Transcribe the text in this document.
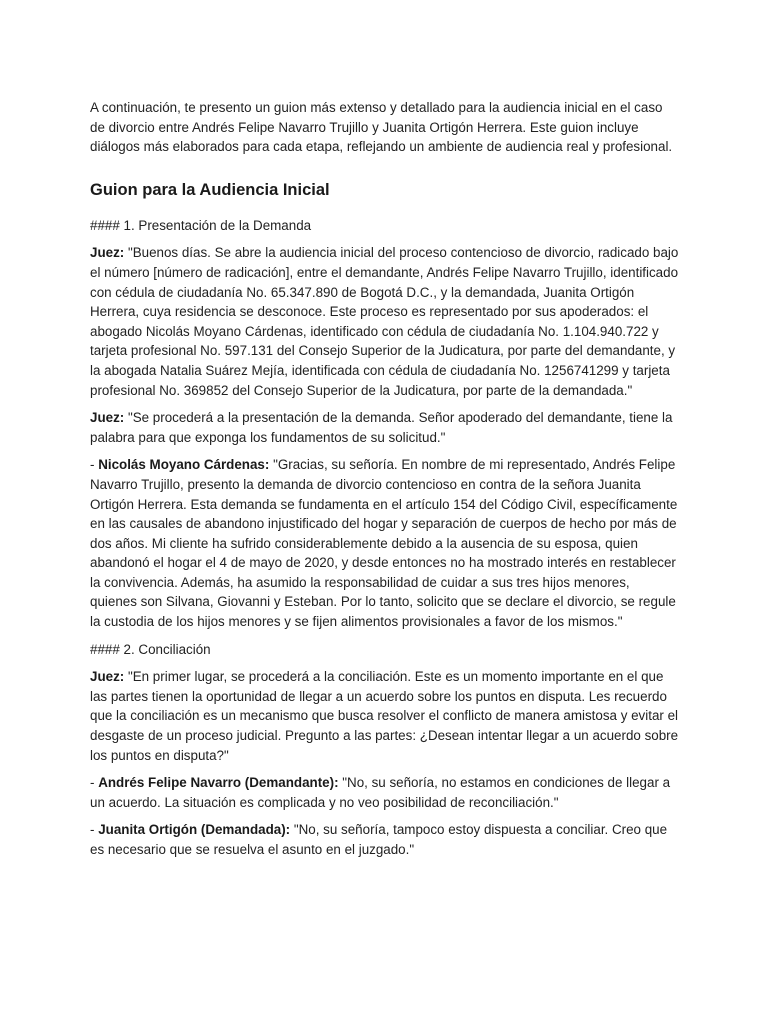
A continuación, te presento un guion más extenso y detallado para la audiencia inicial en el caso de divorcio entre Andrés Felipe Navarro Trujillo y Juanita Ortigón Herrera. Este guion incluye diálogos más elaborados para cada etapa, reflejando un ambiente de audiencia real y profesional.

Guion para la Audiencia Inicial

#### 1. Presentación de la Demanda

Juez: "Buenos días. Se abre la audiencia inicial del proceso contencioso de divorcio, radicado bajo el número [número de radicación], entre el demandante, Andrés Felipe Navarro Trujillo, identificado con cédula de ciudadanía No. 65.347.890 de Bogotá D.C., y la demandada, Juanita Ortigón Herrera, cuya residencia se desconoce. Este proceso es representado por sus apoderados: el abogado Nicolás Moyano Cárdenas, identificado con cédula de ciudadanía No. 1.104.940.722 y tarjeta profesional No. 597.131 del Consejo Superior de la Judicatura, por parte del demandante, y la abogada Natalia Suárez Mejía, identificada con cédula de ciudadanía No. 1256741299 y tarjeta profesional No. 369852 del Consejo Superior de la Judicatura, por parte de la demandada."

Juez: "Se procederá a la presentación de la demanda. Señor apoderado del demandante, tiene la palabra para que exponga los fundamentos de su solicitud."

- Nicolás Moyano Cárdenas: "Gracias, su señoría. En nombre de mi representado, Andrés Felipe Navarro Trujillo, presento la demanda de divorcio contencioso en contra de la señora Juanita Ortigón Herrera. Esta demanda se fundamenta en el artículo 154 del Código Civil, específicamente en las causales de abandono injustificado del hogar y separación de cuerpos de hecho por más de dos años. Mi cliente ha sufrido considerablemente debido a la ausencia de su esposa, quien abandonó el hogar el 4 de mayo de 2020, y desde entonces no ha mostrado interés en restablecer la convivencia. Además, ha asumido la responsabilidad de cuidar a sus tres hijos menores, quienes son Silvana, Giovanni y Esteban. Por lo tanto, solicito que se declare el divorcio, se regule la custodia de los hijos menores y se fijen alimentos provisionales a favor de los mismos."

#### 2. Conciliación

Juez: "En primer lugar, se procederá a la conciliación. Este es un momento importante en el que las partes tienen la oportunidad de llegar a un acuerdo sobre los puntos en disputa. Les recuerdo que la conciliación es un mecanismo que busca resolver el conflicto de manera amistosa y evitar el desgaste de un proceso judicial. Pregunto a las partes: ¿Desean intentar llegar a un acuerdo sobre los puntos en disputa?"

- Andrés Felipe Navarro (Demandante): "No, su señoría, no estamos en condiciones de llegar a un acuerdo. La situación es complicada y no veo posibilidad de reconciliación."

- Juanita Ortigón (Demandada): "No, su señoría, tampoco estoy dispuesta a conciliar. Creo que es necesario que se resuelva el asunto en el juzgado."
